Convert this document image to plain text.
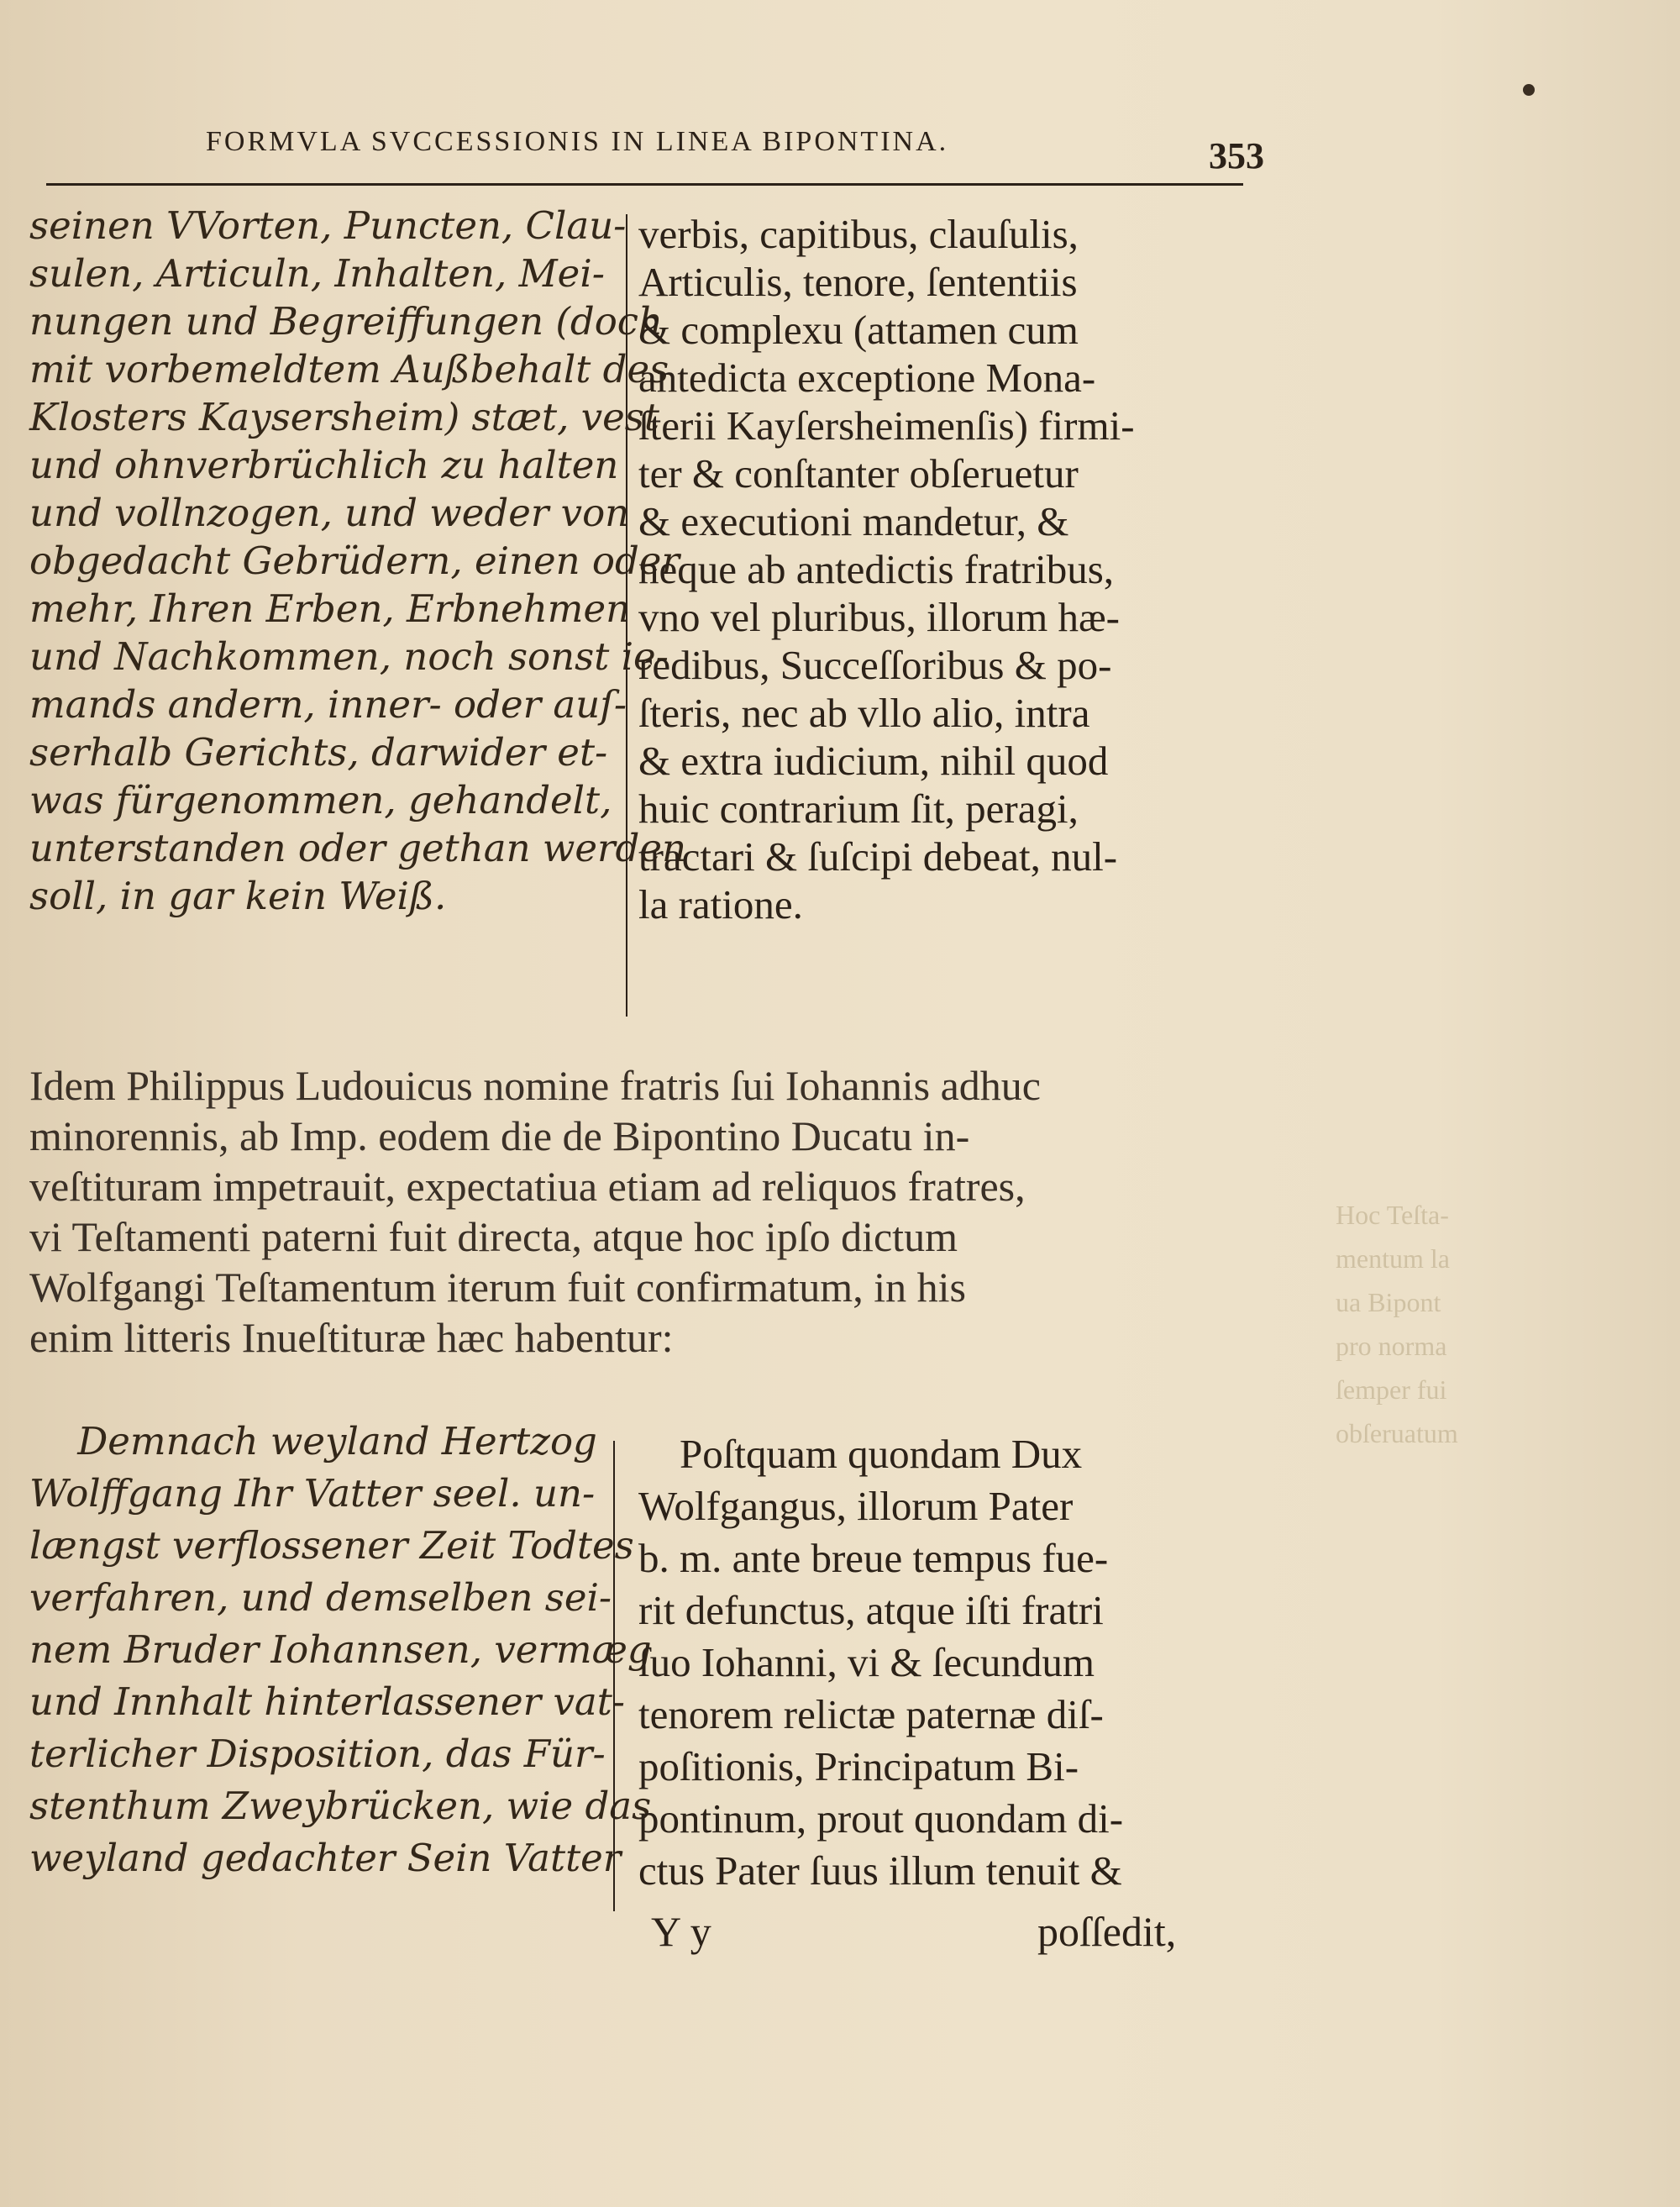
FORMVLA SVCCESSIONIS IN LINEA BIPONTINA.	353
seinen VVorten, Puncten, Clau-
sulen, Articuln, Inhalten, Mei-
nungen und Begreiffungen (doch
mit vorbemeldtem Außbehalt des
Klosters Kaysersheim) stæt, vest
und ohnverbrüchlich zu halten
und vollnzogen, und weder von
obgedacht Gebrüdern, einen oder
mehr, Ihren Erben, Erbnehmen
und Nachkommen, noch sonst ie-
mands andern, inner- oder auſ-
serhalb Gerichts, darwider et-
was fürgenommen, gehandelt,
unterstanden oder gethan werden
soll, in gar kein Weiß.
verbis, capitibus, clauſulis,
Articulis, tenore, ſententiis
& complexu (attamen cum
antedicta exceptione Mona-
ſterii Kayſersheimenſis) firmi-
ter & conſtanter obſeruetur
& executioni mandetur, &
neque ab antedictis fratribus,
vno vel pluribus, illorum hæ-
redibus, Succeſſoribus & po-
ſteris, nec ab vllo alio, intra
& extra iudicium, nihil quod
huic contrarium ſit, peragi,
tractari & ſuſcipi debeat, nul-
la ratione.
Idem Philippus Ludouicus nomine fratris ſui Iohannis adhuc
minorennis, ab Imp. eodem die de Bipontino Ducatu in-
veſtituram impetrauit, expectatiua etiam ad reliquos fratres,
vi Teſtamenti paterni fuit directa, atque hoc ipſo dictum
Wolfgangi Teſtamentum iterum fuit confirmatum, in his
enim litteris Inueſtituræ hæc habentur:
Demnach weyland Hertzog
Wolffgang Ihr Vatter seel. un-
længst verflossener Zeit Todtes
verfahren, und demselben sei-
nem Bruder Iohannsen, vermæg
und Innhalt hinterlassener vat-
terlicher Disposition, das Für-
stenthum Zweybrücken, wie das
weyland gedachter Sein Vatter
Poſtquam quondam Dux
Wolfgangus, illorum Pater
b. m. ante breue tempus fue-
rit defunctus, atque iſti fratri
ſuo Iohanni, vi & ſecundum
tenorem relictæ paternæ diſ-
poſitionis, Principatum Bi-
pontinum, prout quondam di-
ctus Pater ſuus illum tenuit &
Y y	poſſedit,
Hoc Teſta-
mentum la
ua Bipont
pro norma
ſemper fui
obſeruatum
